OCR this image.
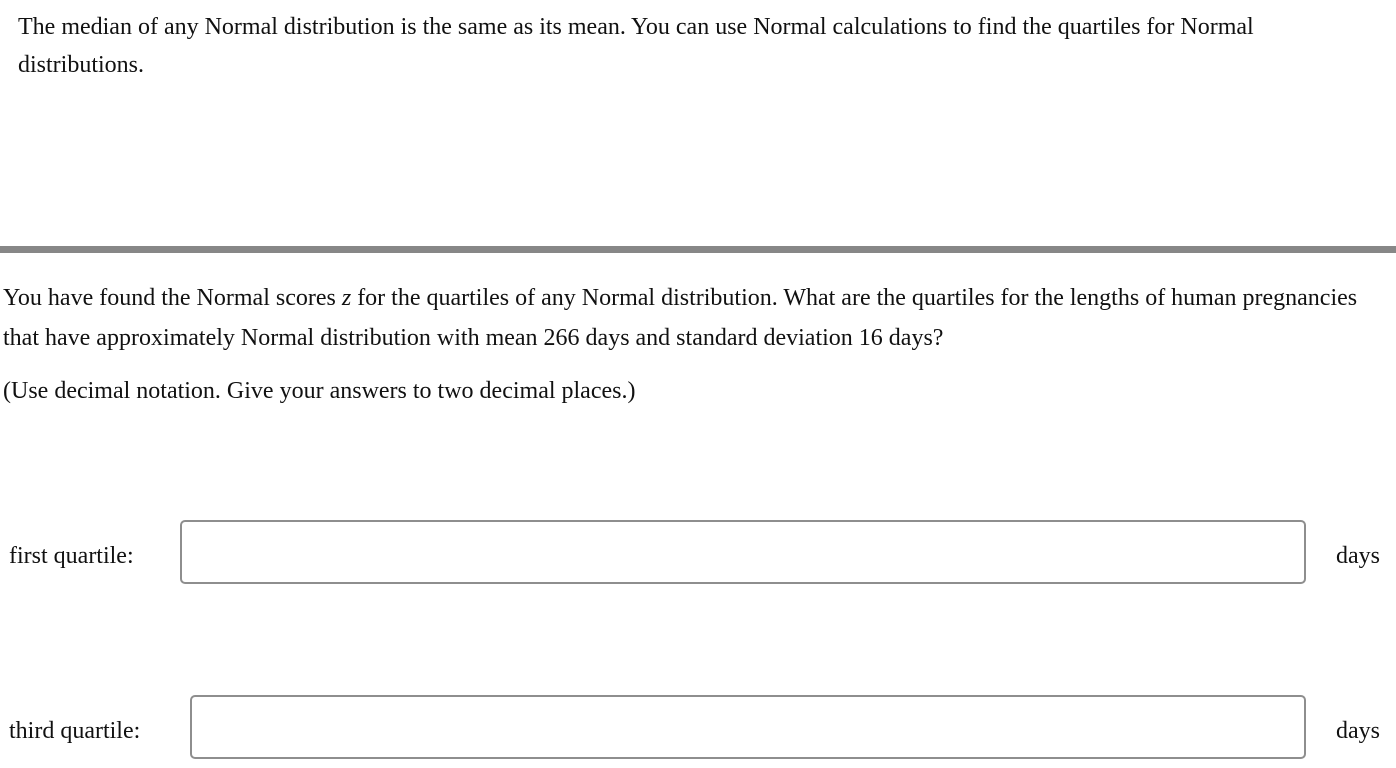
The median of any Normal distribution is the same as its mean. You can use Normal calculations to find the quartiles for Normal distributions.

You have found the Normal scores z for the quartiles of any Normal distribution. What are the quartiles for the lengths of human pregnancies that have approximately Normal distribution with mean 266 days and standard deviation 16 days?

(Use decimal notation. Give your answers to two decimal places.)

first quartile:	days
third quartile:	days
